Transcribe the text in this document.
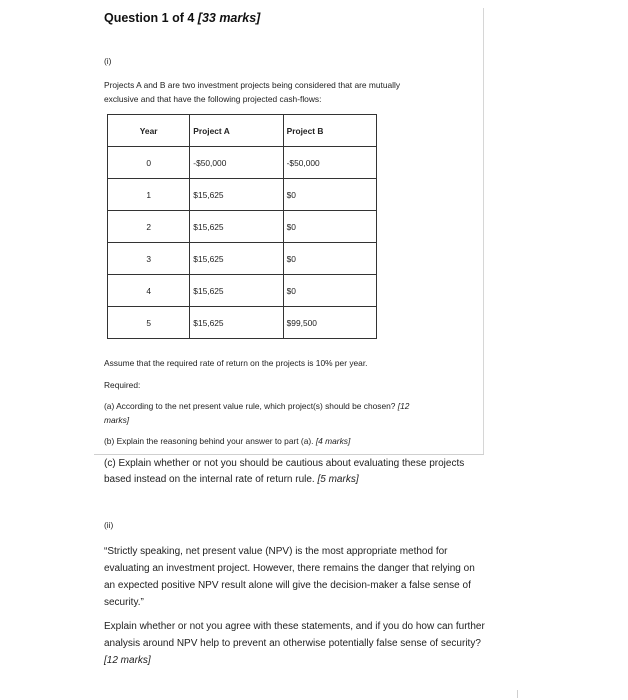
Question 1 of 4 [33 marks]
(i)
Projects A and B are two investment projects being considered that are mutually
exclusive and that have the following projected cash-flows:
Year	Project A	Project B
0	-$50,000	-$50,000
1	$15,625	$0
2	$15,625	$0
3	$15,625	$0
4	$15,625	$0
5	$15,625	$99,500
Assume that the required rate of return on the projects is 10% per year.
Required:
(a) According to the net present value rule, which project(s) should be chosen? [12
marks]
(b) Explain the reasoning behind your answer to part (a). [4 marks]
(c) Explain whether or not you should be cautious about evaluating these projects
based instead on the internal rate of return rule. [5 marks]
(ii)
“Strictly speaking, net present value (NPV) is the most appropriate method for
evaluating an investment project. However, there remains the danger that relying on
an expected positive NPV result alone will give the decision-maker a false sense of
security.”
Explain whether or not you agree with these statements, and if you do how can further
analysis around NPV help to prevent an otherwise potentially false sense of security?
[12 marks]
